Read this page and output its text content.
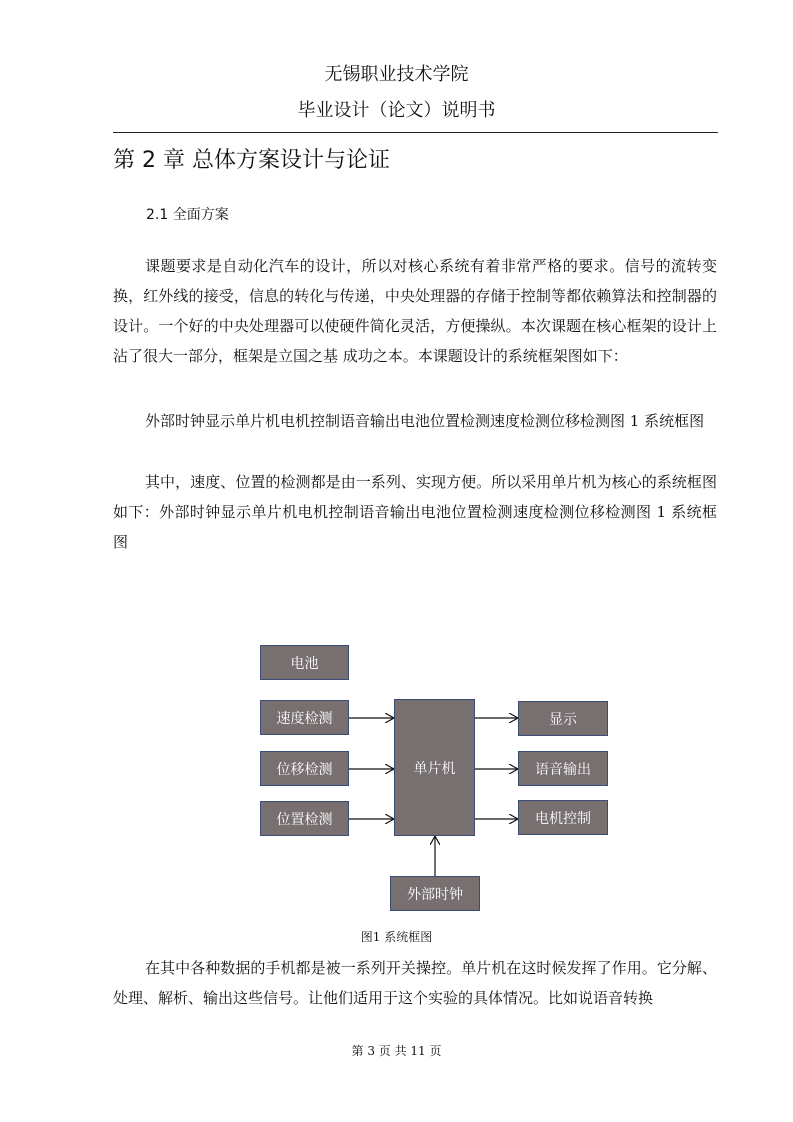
无锡职业技术学院
毕业设计（论文）说明书
第 2 章 总体方案设计与论证
2.1 全面方案

课题要求是自动化汽车的设计，所以对核心系统有着非常严格的要求。信号的流转变换，红外线的接受，信息的转化与传递，中央处理器的存储于控制等都依赖算法和控制器的设计。一个好的中央处理器可以使硬件简化灵活，方便操纵。本次课题在核心框架的设计上沾了很大一部分，框架是立国之基 成功之本。本课题设计的系统框架图如下：

外部时钟显示单片机电机控制语音输出电池位置检测速度检测位移检测图 1 系统框图

其中，速度、位置的检测都是由一系列、实现方便。所以采用单片机为核心的系统框图如下：外部时钟显示单片机电机控制语音输出电池位置检测速度检测位移检测图 1 系统框图

电池
速度检测
位移检测
位置检测
单片机
显示
语音输出
电机控制
外部时钟
图1 系统框图

在其中各种数据的手机都是被一系列开关操控。单片机在这时候发挥了作用。它分解、处理、解析、输出这些信号。让他们适用于这个实验的具体情况。比如说语音转换

第 3 页 共 11 页
